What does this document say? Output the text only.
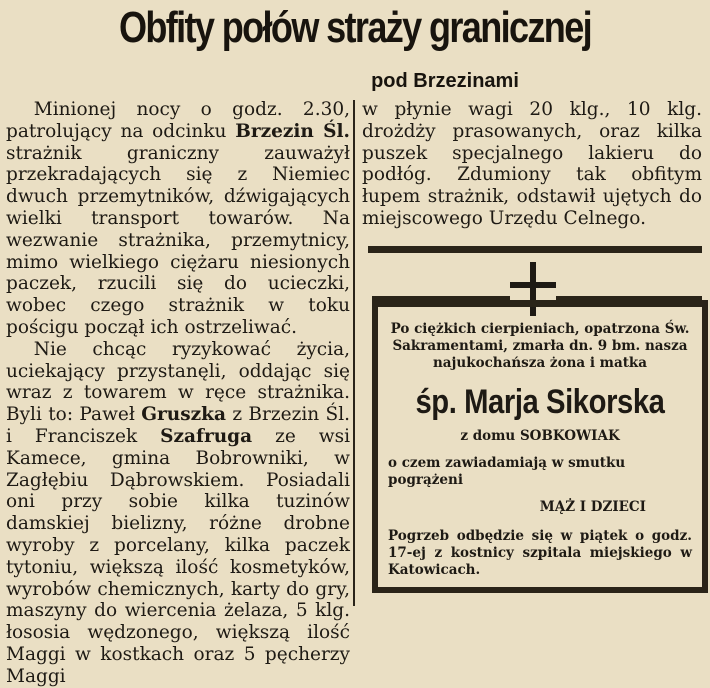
Obfity połów straży granicznej
pod Brzezinami

Minionej nocy o godz. 2.30, patrolujący na odcinku Brzezin Śl. strażnik graniczny zauważył przekradających się z Niemiec dwuch przemytników, dźwigających wielki transport towarów. Na wezwanie strażnika, przemytnicy, mimo wielkiego ciężaru niesionych paczek, rzucili się do ucieczki, wobec czego strażnik w toku pościgu począł ich ostrzeliwać.

Nie chcąc ryzykować życia, uciekający przystanęli, oddając się wraz z towarem w ręce strażnika. Byli to: Paweł Gruszka z Brzezin Śl. i Franciszek Szafruga ze wsi Kamece, gmina Bobrowniki, w Zagłębiu Dąbrowskiem. Posiadali oni przy sobie kilka tuzinów damskiej bielizny, różne drobne wyroby z porcelany, kilka paczek tytoniu, większą ilość kosmetyków, wyrobów chemicznych, karty do gry, maszyny do wiercenia żelaza, 5 klg. łososia wędzonego, większą ilość Maggi w kostkach oraz 5 pęcherzy Maggi

w płynie wagi 20 klg., 10 klg. drożdży prasowanych, oraz kilka puszek specjalnego lakieru do podłóg. Zdumiony tak obfitym łupem strażnik, odstawił ujętych do miejscowego Urzędu Celnego.

Po ciężkich cierpieniach, opatrzona Św. Sakramentami, zmarła dn. 9 bm. nasza najukochańsza żona i matka
śp. Marja Sikorska
z domu SOBKOWIAK
o czem zawiadamiają w smutku pogrążeni
MĄŻ I DZIECI
Pogrzeb odbędzie się w piątek o godz. 17-ej z kostnicy szpitala miejskiego w Katowicach.
